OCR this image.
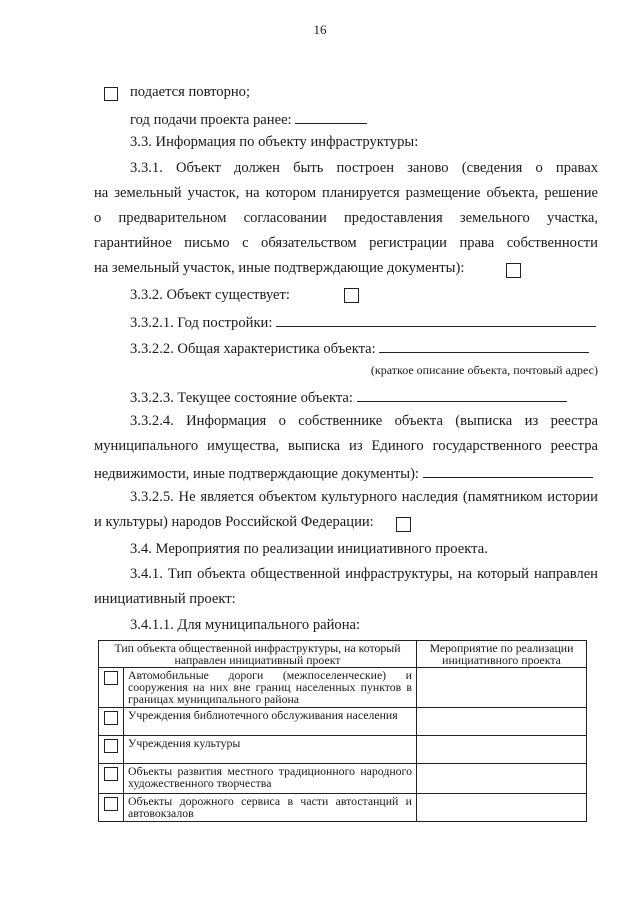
16
подается повторно;
год подачи проекта ранее:
3.3. Информация по объекту инфраструктуры:
3.3.1. Объект должен быть построен заново (сведения о правах
на земельный участок, на котором планируется размещение объекта, решение
о предварительном согласовании предоставления земельного участка,
гарантийное письмо с обязательством регистрации права собственности
на земельный участок, иные подтверждающие документы):
3.3.2. Объект существует:
3.3.2.1. Год постройки:
3.3.2.2. Общая характеристика объекта:
(краткое описание объекта, почтовый адрес)
3.3.2.3. Текущее состояние объекта:
3.3.2.4. Информация о собственнике объекта (выписка из реестра
муниципального имущества, выписка из Единого государственного реестра
недвижимости, иные подтверждающие документы):
3.3.2.5. Не является объектом культурного наследия (памятником истории
и культуры) народов Российской Федерации:
3.4. Мероприятия по реализации инициативного проекта.
3.4.1. Тип объекта общественной инфраструктуры, на который направлен
инициативный проект:
3.4.1.1. Для муниципального района:
Тип объекта общественной инфраструктуры, на который направлен инициативный проект		Мероприятие по реализации инициативного проекта
	Автомобильные дороги (межпоселенческие) и сооружения на них вне границ населенных пунктов в границах муниципального района	
	Учреждения библиотечного обслуживания населения	
	Учреждения культуры	
	Объекты развития местного традиционного народного художественного творчества	
	Объекты дорожного сервиса в части автостанций и автовокзалов	
